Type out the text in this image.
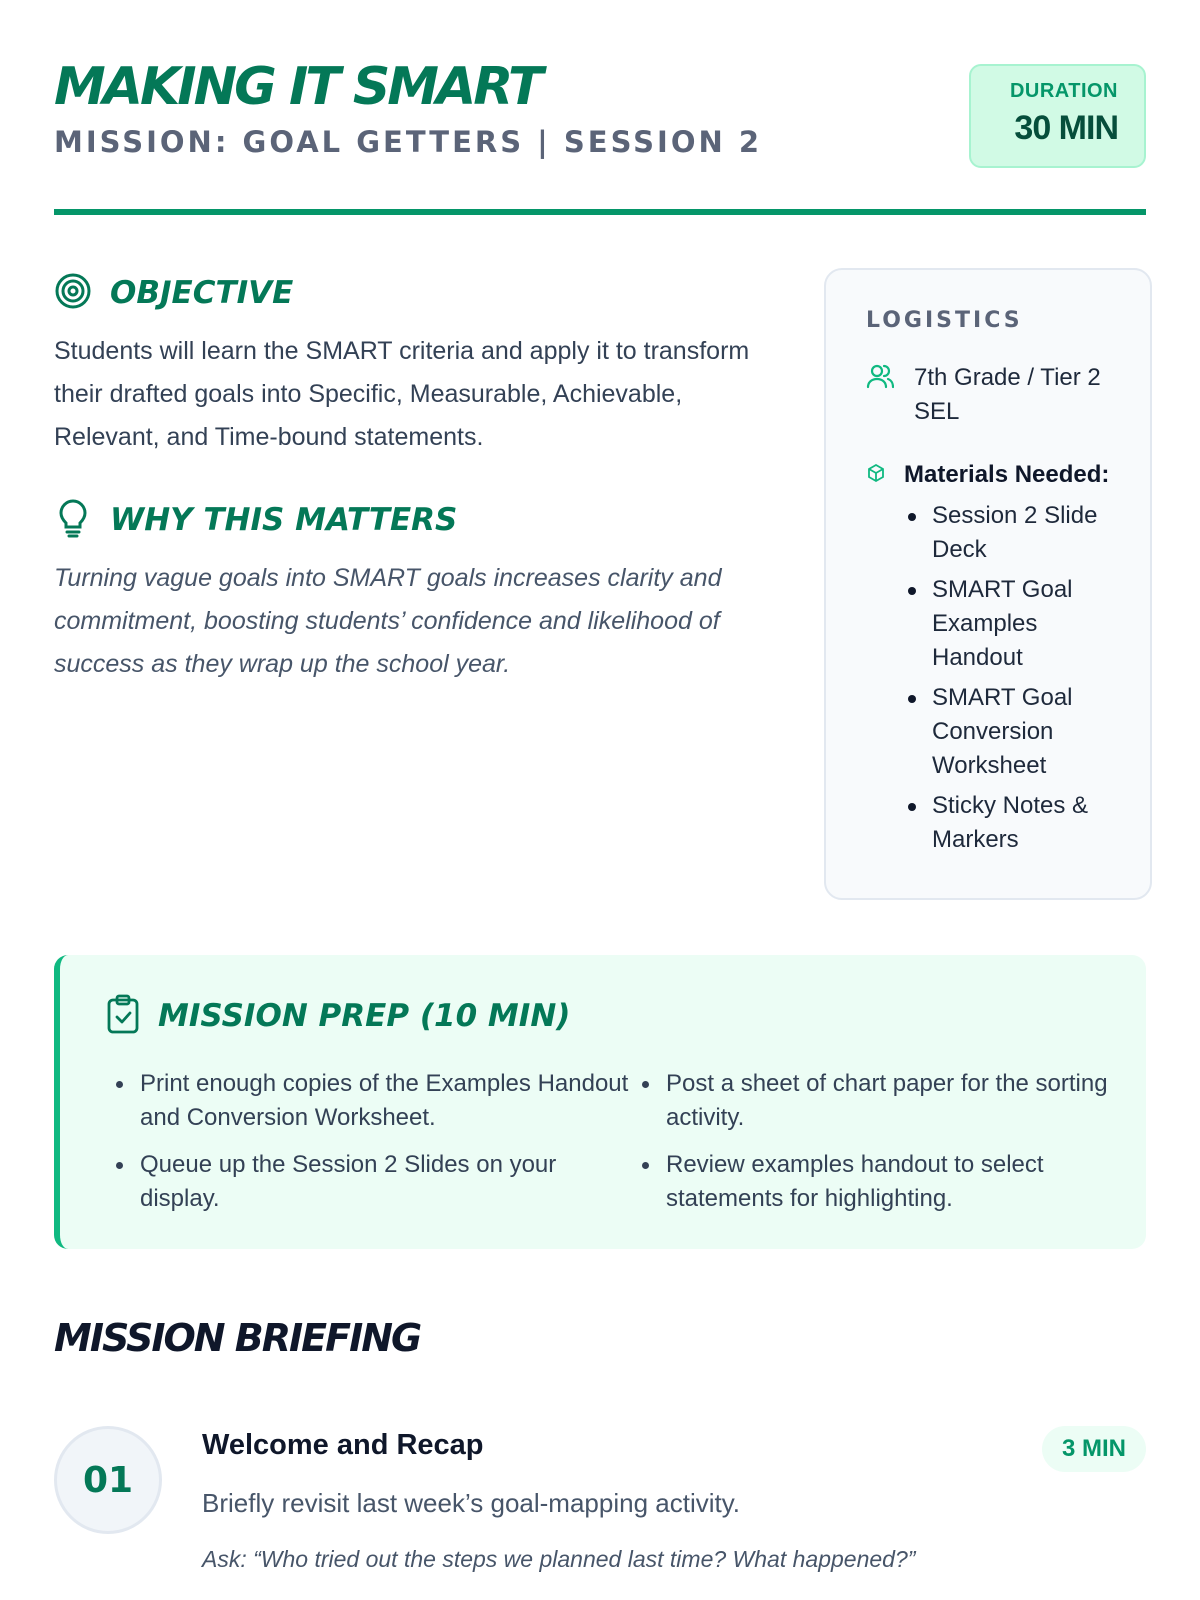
MAKING IT SMART
MISSION: GOAL GETTERS | SESSION 2
DURATION
30 MIN
OBJECTIVE

Students will learn the SMART criteria and apply it to transform their drafted goals into Specific, Measurable, Achievable, Relevant, and Time-bound statements.

WHY THIS MATTERS

Turning vague goals into SMART goals increases clarity and commitment, boosting students’ confidence and likelihood of success as they wrap up the school year.

LOGISTICS
7th Grade / Tier 2 SEL
Materials Needed:
Session 2 Slide Deck
SMART Goal Examples Handout
SMART Goal Conversion Worksheet
Sticky Notes & Markers
MISSION PREP (10 MIN)
Print enough copies of the Examples Handout and Conversion Worksheet.
Post a sheet of chart paper for the sorting activity.
Queue up the Session 2 Slides on your display.
Review examples handout to select statements for highlighting.
MISSION BRIEFING
01
Welcome and Recap	3 MIN
Briefly revisit last week’s goal-mapping activity.
Ask: “Who tried out the steps we planned last time? What happened?”
